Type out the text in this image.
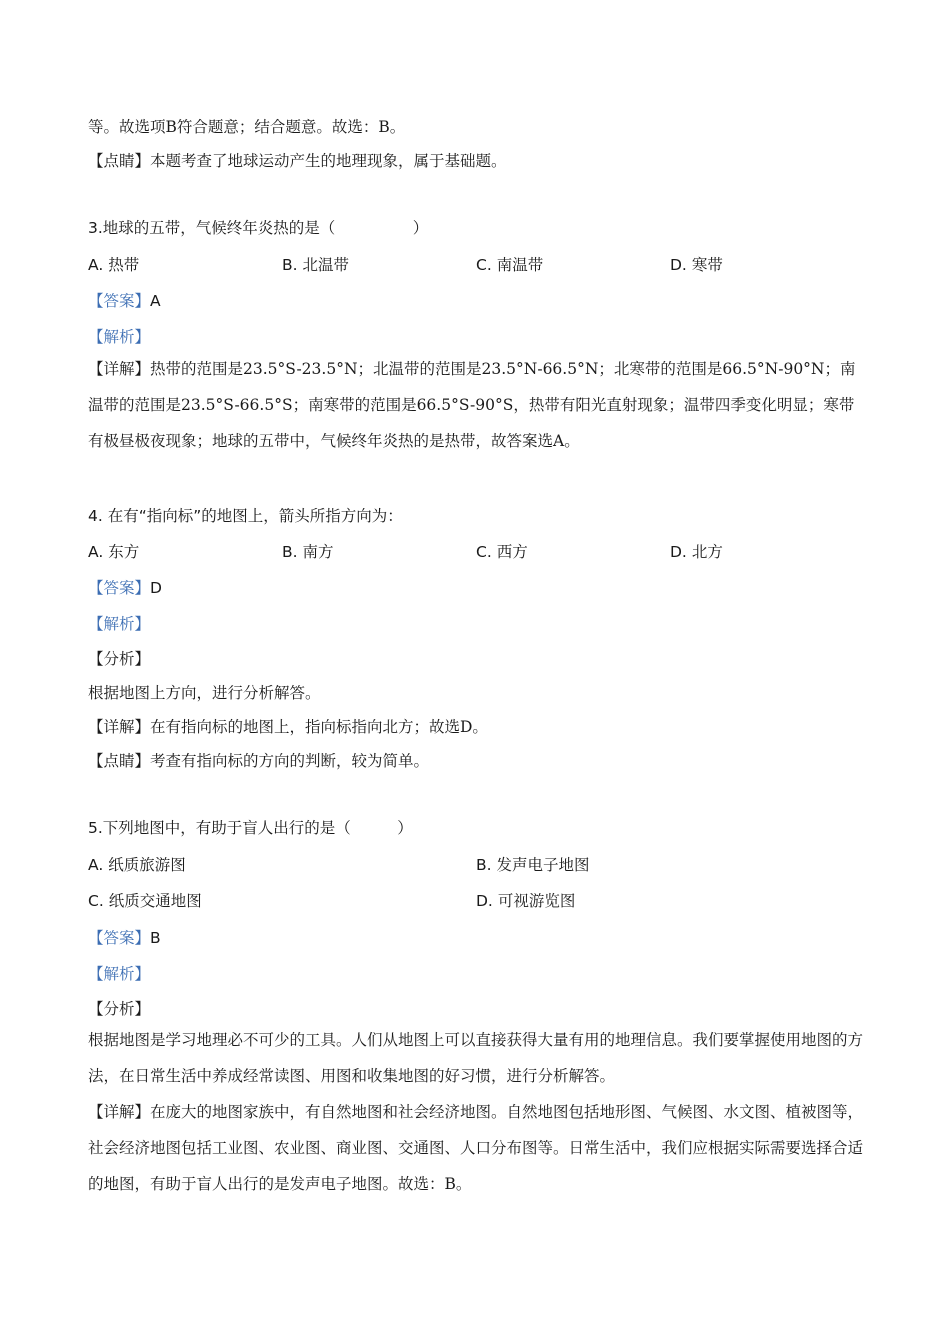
等。故选项B符合题意；结合题意。故选：B。
【点睛】本题考查了地球运动产生的地理现象，属于基础题。
3.地球的五带，气候终年炎热的是（　　　　　）
A. 热带	B. 北温带	C. 南温带	D. 寒带
【答案】A
【解析】
【详解】热带的范围是23.5°S-23.5°N；北温带的范围是23.5°N-66.5°N；北寒带的范围是66.5°N-90°N；南温带的范围是23.5°S-66.5°S；南寒带的范围是66.5°S-90°S，热带有阳光直射现象；温带四季变化明显；寒带有极昼极夜现象；地球的五带中，气候终年炎热的是热带，故答案选A。
4. 在有“指向标”的地图上，箭头所指方向为：
A. 东方	B. 南方	C. 西方	D. 北方
【答案】D
【解析】
【分析】
根据地图上方向，进行分析解答。
【详解】在有指向标的地图上，指向标指向北方；故选D。
【点睛】考查有指向标的方向的判断，较为简单。
5.下列地图中，有助于盲人出行的是（　　　）
A. 纸质旅游图	B. 发声电子地图
C. 纸质交通地图	D. 可视游览图
【答案】B
【解析】
【分析】
根据地图是学习地理必不可少的工具。人们从地图上可以直接获得大量有用的地理信息。我们要掌握使用地图的方法，在日常生活中养成经常读图、用图和收集地图的好习惯，进行分析解答。
【详解】在庞大的地图家族中，有自然地图和社会经济地图。自然地图包括地形图、气候图、水文图、植被图等，社会经济地图包括工业图、农业图、商业图、交通图、人口分布图等。日常生活中，我们应根据实际需要选择合适的地图，有助于盲人出行的是发声电子地图。故选：B。
